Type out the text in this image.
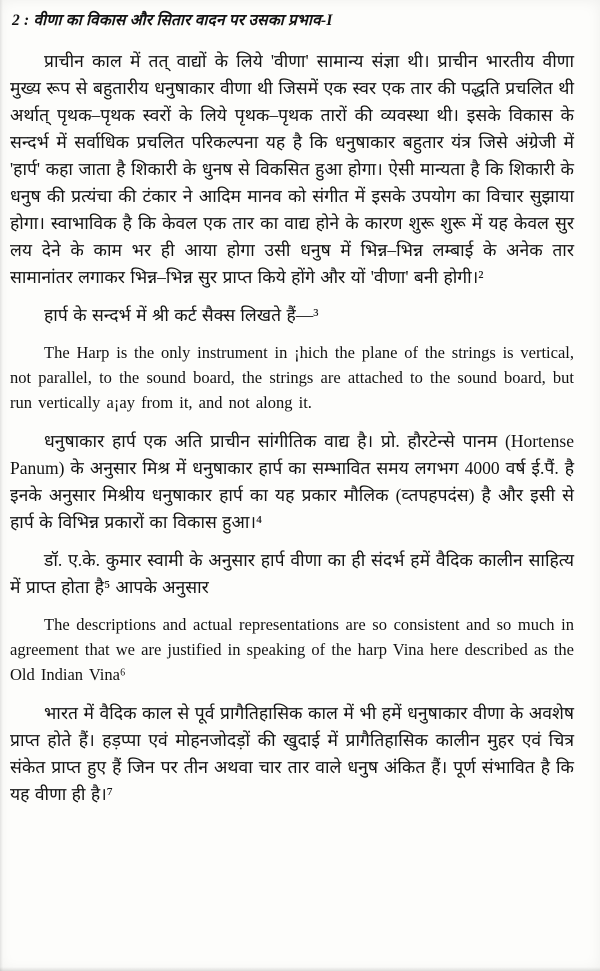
2 : वीणा का विकास और सितार वादन पर उसका प्रभाव-I

प्राचीन काल में तत् वाद्यों के लिये 'वीणा' सामान्य संज्ञा थी। प्राचीन भारतीय वीणा मुख्य रूप से बहुतारीय धनुषाकार वीणा थी जिसमें एक स्वर एक तार की पद्धति प्रचलित थी अर्थात् पृथक–पृथक स्वरों के लिये पृथक–पृथक तारों की व्यवस्था थी। इसके विकास के सन्दर्भ में सर्वाधिक प्रचलित परिकल्पना यह है कि धनुषाकार बहुतार यंत्र जिसे अंग्रेजी में 'हार्प' कहा जाता है शिकारी के धुनष से विकसित हुआ होगा। ऐसी मान्यता है कि शिकारी के धनुष की प्रत्यंचा की टंकार ने आदिम मानव को संगीत में इसके उपयोग का विचार सुझाया होगा। स्वाभाविक है कि केवल एक तार का वाद्य होने के कारण शुरू शुरू में यह केवल सुर लय देने के काम भर ही आया होगा उसी धनुष में भिन्न–भिन्न लम्बाई के अनेक तार सामानांतर लगाकर भिन्न–भिन्न सुर प्राप्त किये होंगे और यों 'वीणा' बनी होगी।²

हार्प के सन्दर्भ में श्री कर्ट सैक्स लिखते हैं—³

The Harp is the only instrument in ¡hich the plane of the strings is vertical, not parallel, to the sound board, the strings are attached to the sound board, but run vertically a¡ay from it, and not along it.

धनुषाकार हार्प एक अति प्राचीन सांगीतिक वाद्य है। प्रो. हौरटेन्से पानम (Hortense Panum) के अनुसार मिश्र में धनुषाकार हार्प का सम्भावित समय लगभग 4000 वर्ष ई.पैं. है इनके अनुसार मिश्रीय धनुषाकार हार्प का यह प्रकार मौलिक (व्तपहपदंस) है और इसी से हार्प के विभिन्न प्रकारों का विकास हुआ।⁴

डॉ. ए.के. कुमार स्वामी के अनुसार हार्प वीणा का ही संदर्भ हमें वैदिक कालीन साहित्य में प्राप्त होता है⁵ आपके अनुसार

The descriptions and actual representations are so consistent and so much in agreement that we are justified in speaking of the harp Vina here described as the Old Indian Vina⁶

भारत में वैदिक काल से पूर्व प्रागैतिहासिक काल में भी हमें धनुषाकार वीणा के अवशेष प्राप्त होते हैं। हड़प्पा एवं मोहनजोदड़ों की खुदाई में प्रागैतिहासिक कालीन मुहर एवं चित्र संकेत प्राप्त हुए हैं जिन पर तीन अथवा चार तार वाले धनुष अंकित हैं। पूर्ण संभावित है कि यह वीणा ही है।⁷
